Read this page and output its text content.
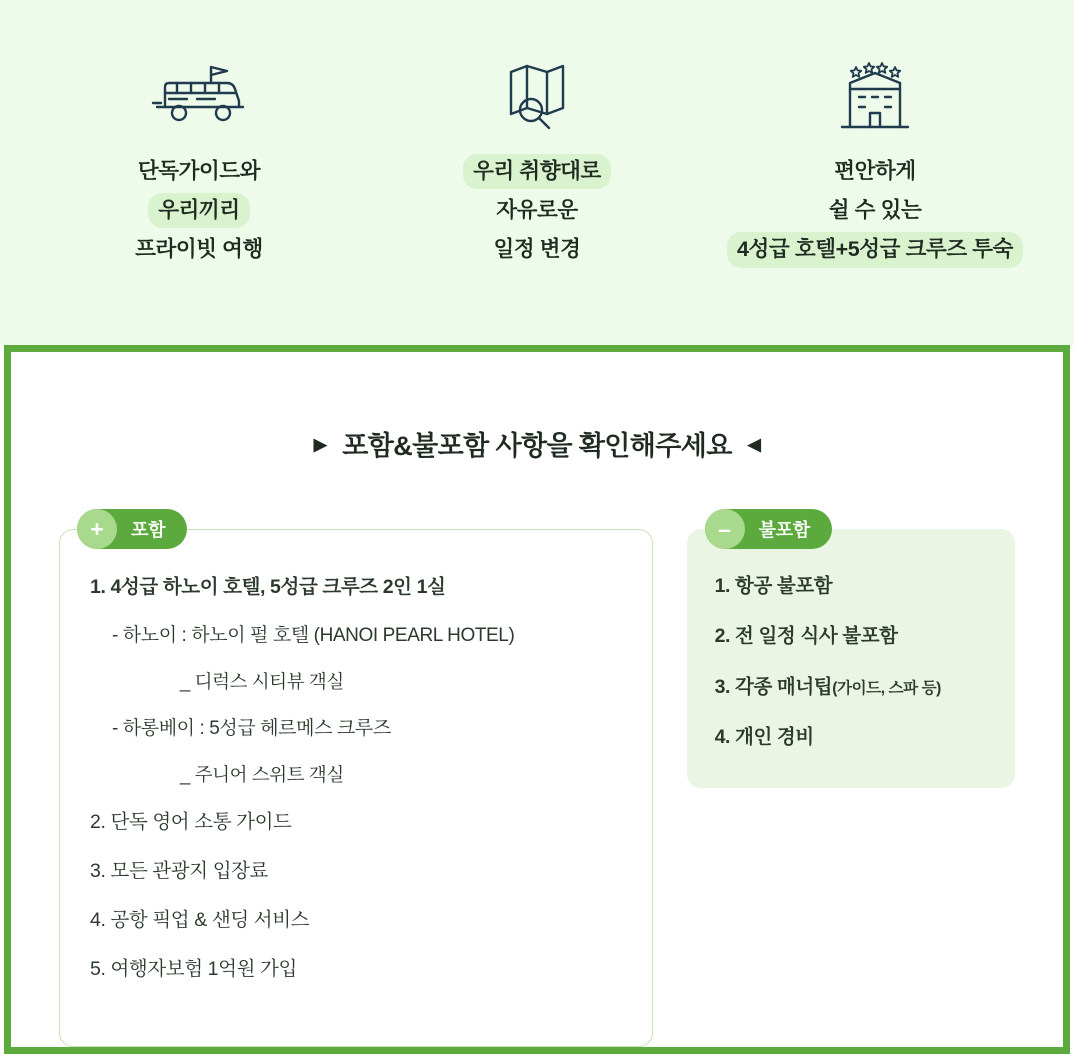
단독가이드와
우리끼리
프라이빗 여행
우리 취향대로
자유로운
일정 변경
편안하게
쉴 수 있는
4성급 호텔+5성급 크루즈 투숙
▶ 포함&불포함 사항을 확인해주세요 ◀
+	포함
1. 4성급 하노이 호텔, 5성급 크루즈 2인 1실
- 하노이 : 하노이 펄 호텔 (HANOI PEARL HOTEL)
_ 디럭스 시티뷰 객실
- 하롱베이 : 5성급 헤르메스 크루즈
_ 주니어 스위트 객실
2. 단독 영어 소통 가이드
3. 모든 관광지 입장료
4. 공항 픽업 & 샌딩 서비스
5. 여행자보험 1억원 가입
–	불포함
1. 항공 불포함
2. 전 일정 식사 불포함
3. 각종 매너팁(가이드, 스파 등)
4. 개인 경비
